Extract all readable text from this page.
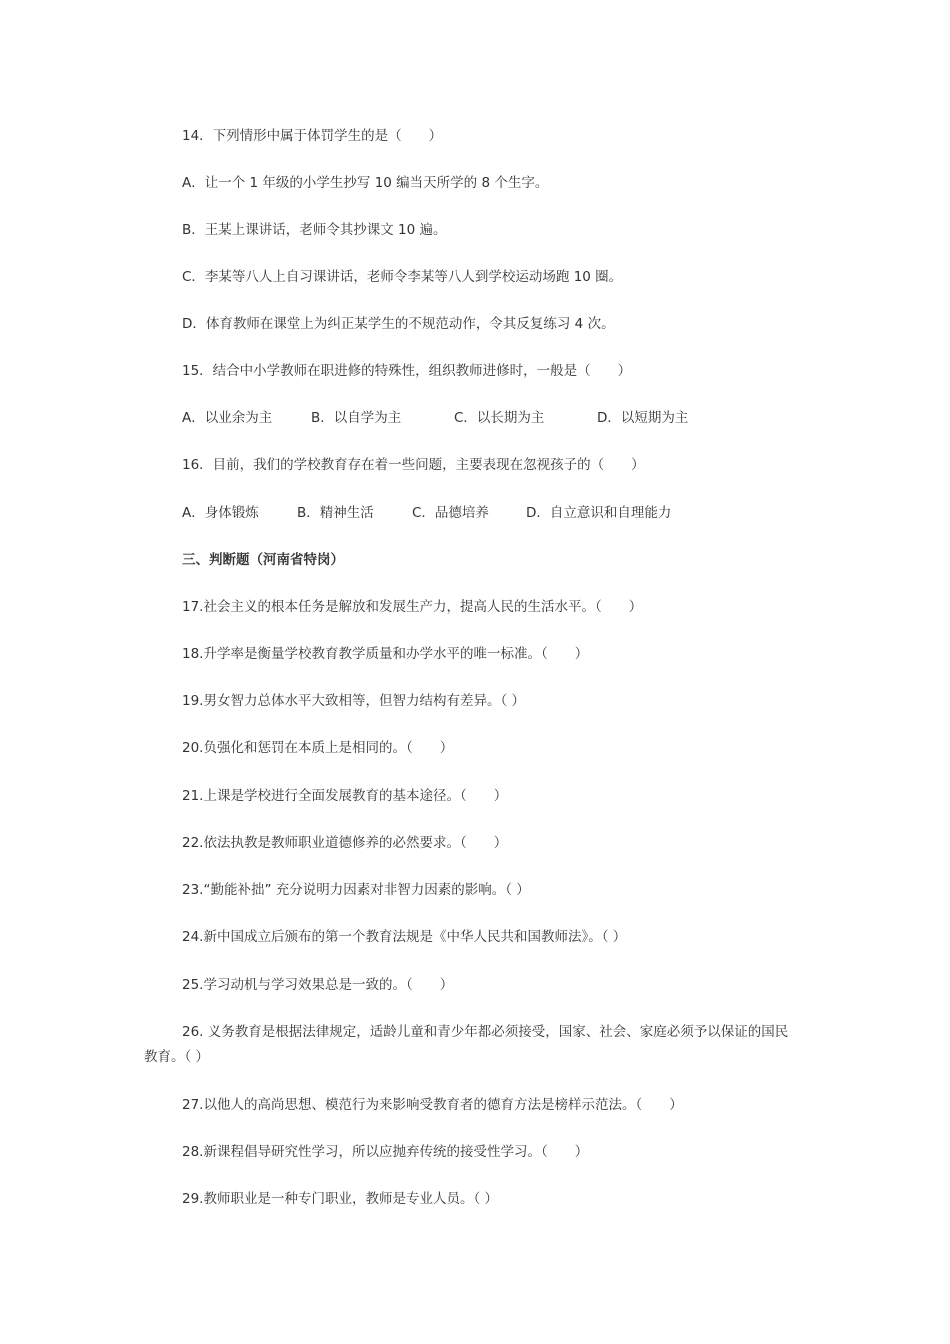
14．下列情形中属于体罚学生的是（　　）
A．让一个 1 年级的小学生抄写 10 编当天所学的 8 个生字。
B．王某上课讲话，老师令其抄课文 10 遍。
C．李某等八人上自习课讲话，老师令李某等八人到学校运动场跑 10 圈。
D．体育教师在课堂上为纠正某学生的不规范动作，令其反复练习 4 次。
15．结合中小学教师在职进修的特殊性，组织教师进修时，一般是（　　）
A．以业余为主	B．以自学为主	C．以长期为主	D．以短期为主
16．目前，我们的学校教育存在着一些问题，主要表现在忽视孩子的（　　）
A．身体锻炼	B．精神生活	C．品德培养	D．自立意识和自理能力
三、判断题（河南省特岗）
17.社会主义的根本任务是解放和发展生产力，提高人民的生活水平。（　　）
18.升学率是衡量学校教育教学质量和办学水平的唯一标准。（　　）
19.男女智力总体水平大致相等，但智力结构有差异。（ ）
20.负强化和惩罚在本质上是相同的。（　　）
21.上课是学校进行全面发展教育的基本途径。（　　）
22.依法执教是教师职业道德修养的必然要求。（　　）
23.“勤能补拙” 充分说明力因素对非智力因素的影响。（ ）
24.新中国成立后颁布的第一个教育法规是《中华人民共和国教师法》。（ ）
25.学习动机与学习效果总是一致的。（　　）
26. 义务教育是根据法律规定，适龄儿童和青少年都必须接受，国家、社会、家庭必须予以保证的国民
教育。（ ）
27.以他人的高尚思想、模范行为来影响受教育者的德育方法是榜样示范法。（　　）
28.新课程倡导研究性学习，所以应抛弃传统的接受性学习。（　　）
29.教师职业是一种专门职业，教师是专业人员。（ ）
